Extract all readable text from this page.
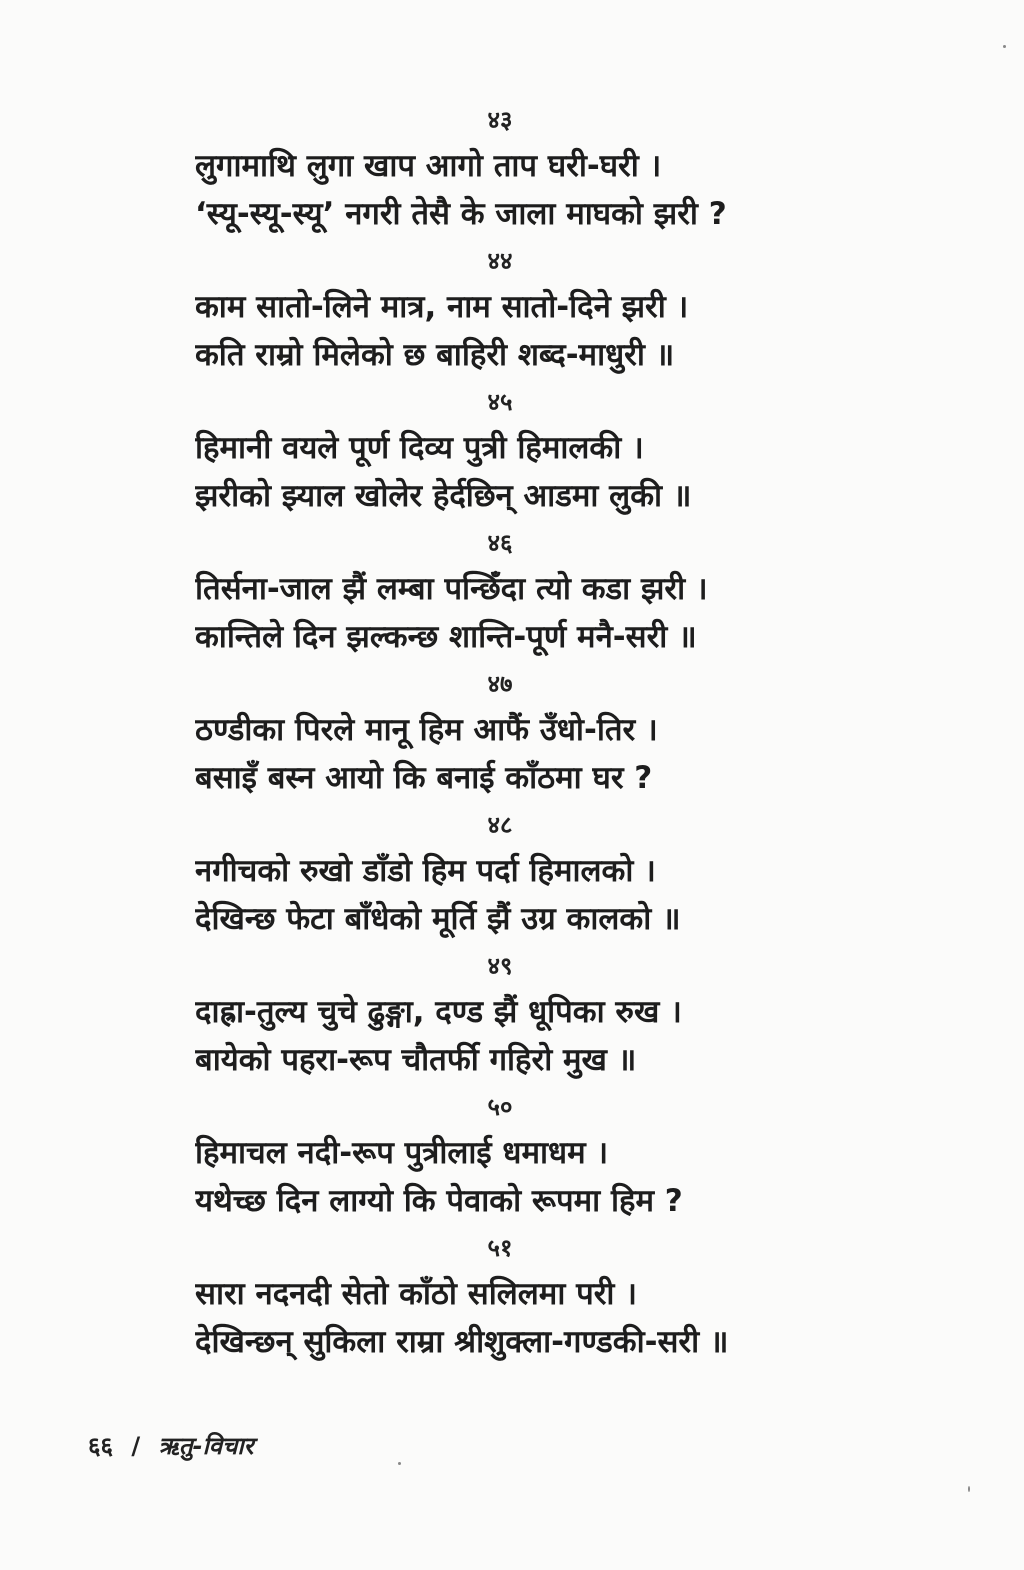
४३
लुगामाथि लुगा खाप आगो ताप घरी-घरी ।
‘स्यू-स्यू-स्यू’ नगरी तेसै के जाला माघको झरी ?
४४
काम सातो-लिने मात्र, नाम सातो-दिने झरी ।
कति राम्रो मिलेको छ बाहिरी शब्द-माधुरी ॥
४५
हिमानी वयले पूर्ण दिव्य पुत्री हिमालकी ।
झरीको झ्याल खोलेर हेर्दछिन् आडमा लुकी ॥
४६
तिर्सना-जाल झैं लम्बा पन्छिँदा त्यो कडा झरी ।
कान्तिले दिन झल्कन्छ शान्ति-पूर्ण मनै-सरी ॥
४७
ठण्डीका पिरले मानू हिम आफैं उँधो-तिर ।
बसाइँ बस्न आयो कि बनाई काँठमा घर ?
४८
नगीचको रुखो डाँडो हिम पर्दा हिमालको ।
देखिन्छ फेटा बाँधेको मूर्ति झैं उग्र कालको ॥
४९
दाह्रा-तुल्य चुचे ढुङ्गा, दण्ड झैं धूपिका रुख ।
बायेको पहरा-रूप चौतर्फी गहिरो मुख ॥
५०
हिमाचल नदी-रूप पुत्रीलाई धमाधम ।
यथेच्छ दिन लाग्यो कि पेवाको रूपमा हिम ?
५१
सारा नदनदी सेतो काँठो सलिलमा परी ।
देखिन्छन् सुकिला राम्रा श्रीशुक्ला-गण्डकी-सरी ॥
६६ / ऋतु-विचार
